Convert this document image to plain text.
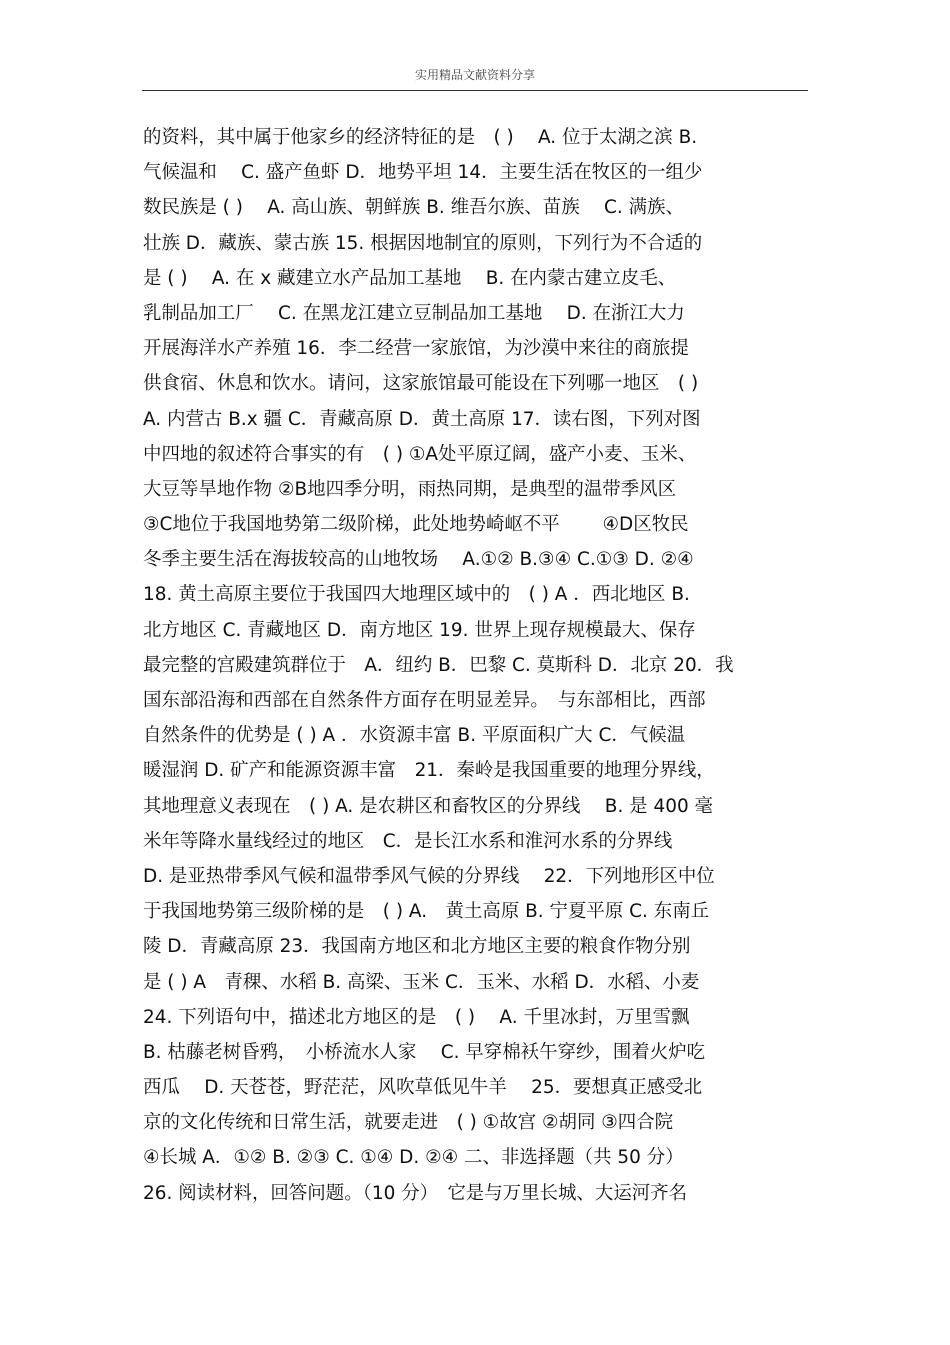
实用精品文献资料分享
的资料，其中属于他家乡的经济特征的是　( )　 A. 位于太湖之滨 B.
气候温和　 C. 盛产鱼虾 D．地势平坦 14．主要生活在牧区的一组少
数民族是 ( )　 A. 高山族、朝鲜族 B. 维吾尔族、苗族　 C. 满族、
壮族 D．藏族、蒙古族 15. 根据因地制宜的原则，下列行为不合适的
是 ( )　 A. 在 x 藏建立水产品加工基地　 B. 在内蒙古建立皮毛、
乳制品加工厂　 C. 在黑龙江建立豆制品加工基地　 D. 在浙江大力
开展海洋水产养殖 16．李二经营一家旅馆，为沙漠中来往的商旅提
供食宿、休息和饮水。请问，这家旅馆最可能设在下列哪一地区　( )
A. 内营古 B.x 疆 C．青藏高原 D．黄土高原 17．读右图，下列对图
中四地的叙述符合事实的有　( ) ①A处平原辽阔，盛产小麦、玉米、
大豆等旱地作物 ②B地四季分明，雨热同期，是典型的温带季风区
③C地位于我国地势第二级阶梯，此处地势崎岖不平　　 ④D区牧民
冬季主要生活在海拔较高的山地牧场　 A.①② B.③④ C.①③ D. ②④
18. 黄土高原主要位于我国四大地理区域中的　( ) A ．西北地区 B.
北方地区 C. 青藏地区 D．南方地区 19. 世界上现存规模最大、保存
最完整的宫殿建筑群位于　A．纽约 B．巴黎 C. 莫斯科 D．北京 20．我
国东部沿海和西部在自然条件方面存在明显差异。　与东部相比，西部
自然条件的优势是 ( ) A ．水资源丰富 B. 平原面积广大 C．气候温
暖湿润 D. 矿产和能源资源丰富　21．秦岭是我国重要的地理分界线，
其地理意义表现在　( ) A. 是农耕区和畜牧区的分界线　 B. 是 400 毫
米年等降水量线经过的地区　C．是长江水系和淮河水系的分界线
D. 是亚热带季风气候和温带季风气候的分界线　 22．下列地形区中位
于我国地势第三级阶梯的是　( ) A.　黄土高原 B. 宁夏平原 C. 东南丘
陵 D．青藏高原 23．我国南方地区和北方地区主要的粮食作物分别
是 ( ) A　青稞、水稻 B. 高梁、玉米 C．玉米、水稻 D．水稻、小麦
24. 下列语句中，描述北方地区的是　( )　 A. 千里冰封，万里雪飘
B. 枯藤老树昏鸦，　小桥流水人家　 C. 早穿棉袄午穿纱，围着火炉吃
西瓜　 D. 天苍苍，野茫茫，风吹草低见牛羊　 25．要想真正感受北
京的文化传统和日常生活，就要走进　( ) ①故宫 ②胡同 ③四合院
④长城 A．①② B. ②③ C. ①④ D. ②④ 二、非选择题（共 50 分）
26. 阅读材料，回答问题。（10 分）　它是与万里长城、大运河齐名
